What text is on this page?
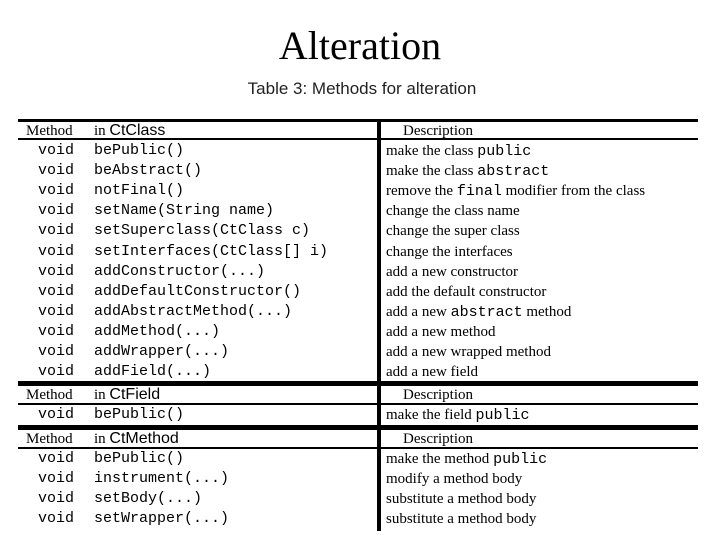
Alteration
Table 3: Methods for alteration
Method in CtClass	Description
void bePublic()	make the class public
void beAbstract()	make the class abstract
void notFinal()	remove the final modifier from the class
void setName(String name)	change the class name
void setSuperclass(CtClass c)	change the super class
void setInterfaces(CtClass[] i)	change the interfaces
void addConstructor(...)	add a new constructor
void addDefaultConstructor()	add the default constructor
void addAbstractMethod(...)	add a new abstract method
void addMethod(...)	add a new method
void addWrapper(...)	add a new wrapped method
void addField(...)	add a new field
Method in CtField	Description
void bePublic()	make the field public
Method in CtMethod	Description
void bePublic()	make the method public
void instrument(...)	modify a method body
void setBody(...)	substitute a method body
void setWrapper(...)	substitute a method body
